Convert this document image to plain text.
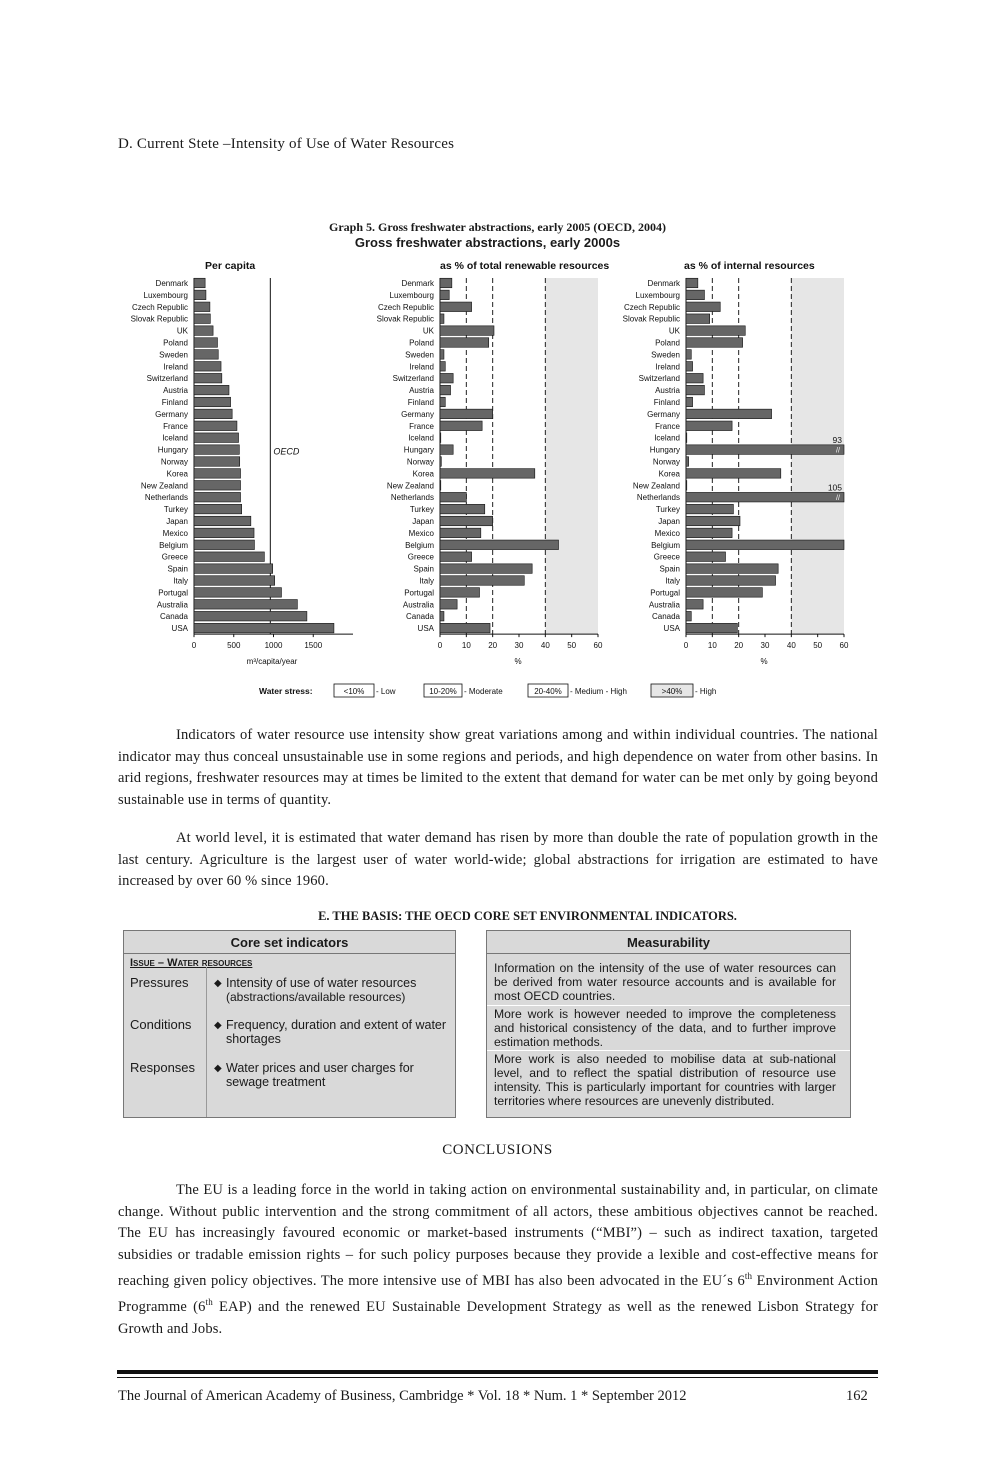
D. Current Stete –Intensity of Use of Water Resources
Graph 5. Gross freshwater abstractions, early 2005 (OECD, 2004)
Gross freshwater abstractions, early 2000s
Per capita
OECD
Denmark
Luxembourg
Czech Republic
Slovak Republic
UK
Poland
Sweden
Ireland
Switzerland
Austria
Finland
Germany
France
Iceland
Hungary
Norway
Korea
New Zealand
Netherlands
Turkey
Japan
Mexico
Belgium
Greece
Spain
Italy
Portugal
Australia
Canada
USA
0	500	1000	1500
m³/capita/year
as % of total renewable resources
Denmark
Luxembourg
Czech Republic
Slovak Republic
UK
Poland
Sweden
Ireland
Switzerland
Austria
Finland
Germany
France
Iceland
Hungary
Norway
Korea
New Zealand
Netherlands
Turkey
Japan
Mexico
Belgium
Greece
Spain
Italy
Portugal
Australia
Canada
USA
0 10 20 30 40 50 60
%
as % of internal resources
Denmark
Luxembourg
Czech Republic
Slovak Republic
UK
Poland
Sweden
Ireland
Switzerland
Austria
Finland
Germany
France
Iceland
Hungary
93
//
Norway
Korea
New Zealand
Netherlands
105
//
Turkey
Japan
Mexico
Belgium
Greece
Spain
Italy
Portugal
Australia
Canada
USA
0 10 20 30 40 50 60
%
Water stress:	<10% - Low	10-20% - Moderate	20-40% - Medium - High	>40% - High
Indicators of water resource use intensity show great variations among and within individual countries. The national indicator may thus conceal unsustainable use in some regions and periods, and high dependence on water from other basins. In arid regions, freshwater resources may at times be limited to the extent that demand for water can be met only by going beyond sustainable use in terms of quantity.
At world level, it is estimated that water demand has risen by more than double the rate of population growth in the last century. Agriculture is the largest user of water world-wide; global abstractions for irrigation are estimated to have increased by over 60 % since 1960.
E. THE BASIS: THE OECD CORE SET ENVIRONMENTAL INDICATORS.
Core set indicators
Issue – Water resources
Pressures	◆ Intensity of use of water resources
(abstractions/available resources)
Conditions ◆ Frequency, duration and extent of water shortages
Responses ◆ Water prices and user charges for sewage treatment
Measurability
Information on the intensity of the use of water resources can be derived from water resource accounts and is available for most OECD countries.
More work is however needed to improve the completeness and historical consistency of the data, and to further improve estimation methods.
More work is also needed to mobilise data at sub-national level, and to reflect the spatial distribution of resource use intensity. This is particularly important for countries with larger territories where resources are unevenly distributed.
CONCLUSIONS
The EU is a leading force in the world in taking action on environmental sustainability and, in particular, on climate change. Without public intervention and the strong commitment of all actors, these ambitious objectives cannot be reached. The EU has increasingly favoured economic or market-based instruments (“MBI”) – such as indirect taxation, targeted subsidies or tradable emission rights – for such policy purposes because they provide a lexible and cost-effective means for reaching given policy objectives. The more intensive use of MBI has also been advocated in the EU´s 6th Environment Action Programme (6th EAP) and the renewed EU Sustainable Development Strategy as well as the renewed Lisbon Strategy for Growth and Jobs.
The Journal of American Academy of Business, Cambridge * Vol. 18 * Num. 1 * September 2012	162
